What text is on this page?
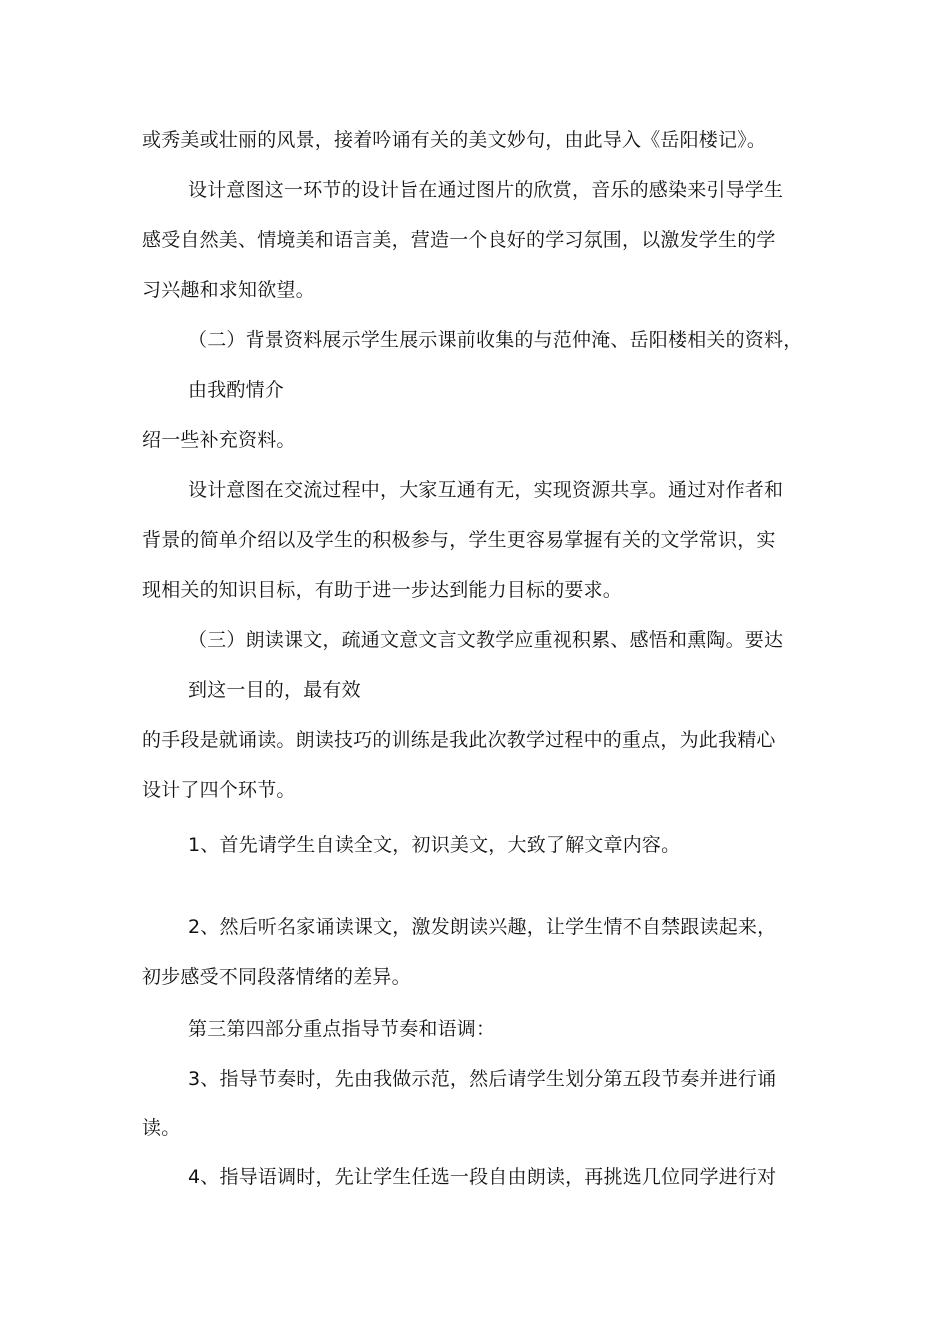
或秀美或壮丽的风景，接着吟诵有关的美文妙句，由此导入《岳阳楼记》。
设计意图这一环节的设计旨在通过图片的欣赏，音乐的感染来引导学生
感受自然美、情境美和语言美，营造一个良好的学习氛围，以激发学生的学
习兴趣和求知欲望。
（二）背景资料展示学生展示课前收集的与范仲淹、岳阳楼相关的资料，
由我酌情介
绍一些补充资料。
设计意图在交流过程中，大家互通有无，实现资源共享。通过对作者和
背景的简单介绍以及学生的积极参与，学生更容易掌握有关的文学常识，实
现相关的知识目标，有助于进一步达到能力目标的要求。
（三）朗读课文，疏通文意文言文教学应重视积累、感悟和熏陶。要达
到这一目的，最有效
的手段是就诵读。朗读技巧的训练是我此次教学过程中的重点，为此我精心
设计了四个环节。
1、首先请学生自读全文，初识美文，大致了解文章内容。
2、然后听名家诵读课文，激发朗读兴趣，让学生情不自禁跟读起来，
初步感受不同段落情绪的差异。
第三第四部分重点指导节奏和语调：
3、指导节奏时，先由我做示范，然后请学生划分第五段节奏并进行诵
读。
4、指导语调时，先让学生任选一段自由朗读，再挑选几位同学进行对
